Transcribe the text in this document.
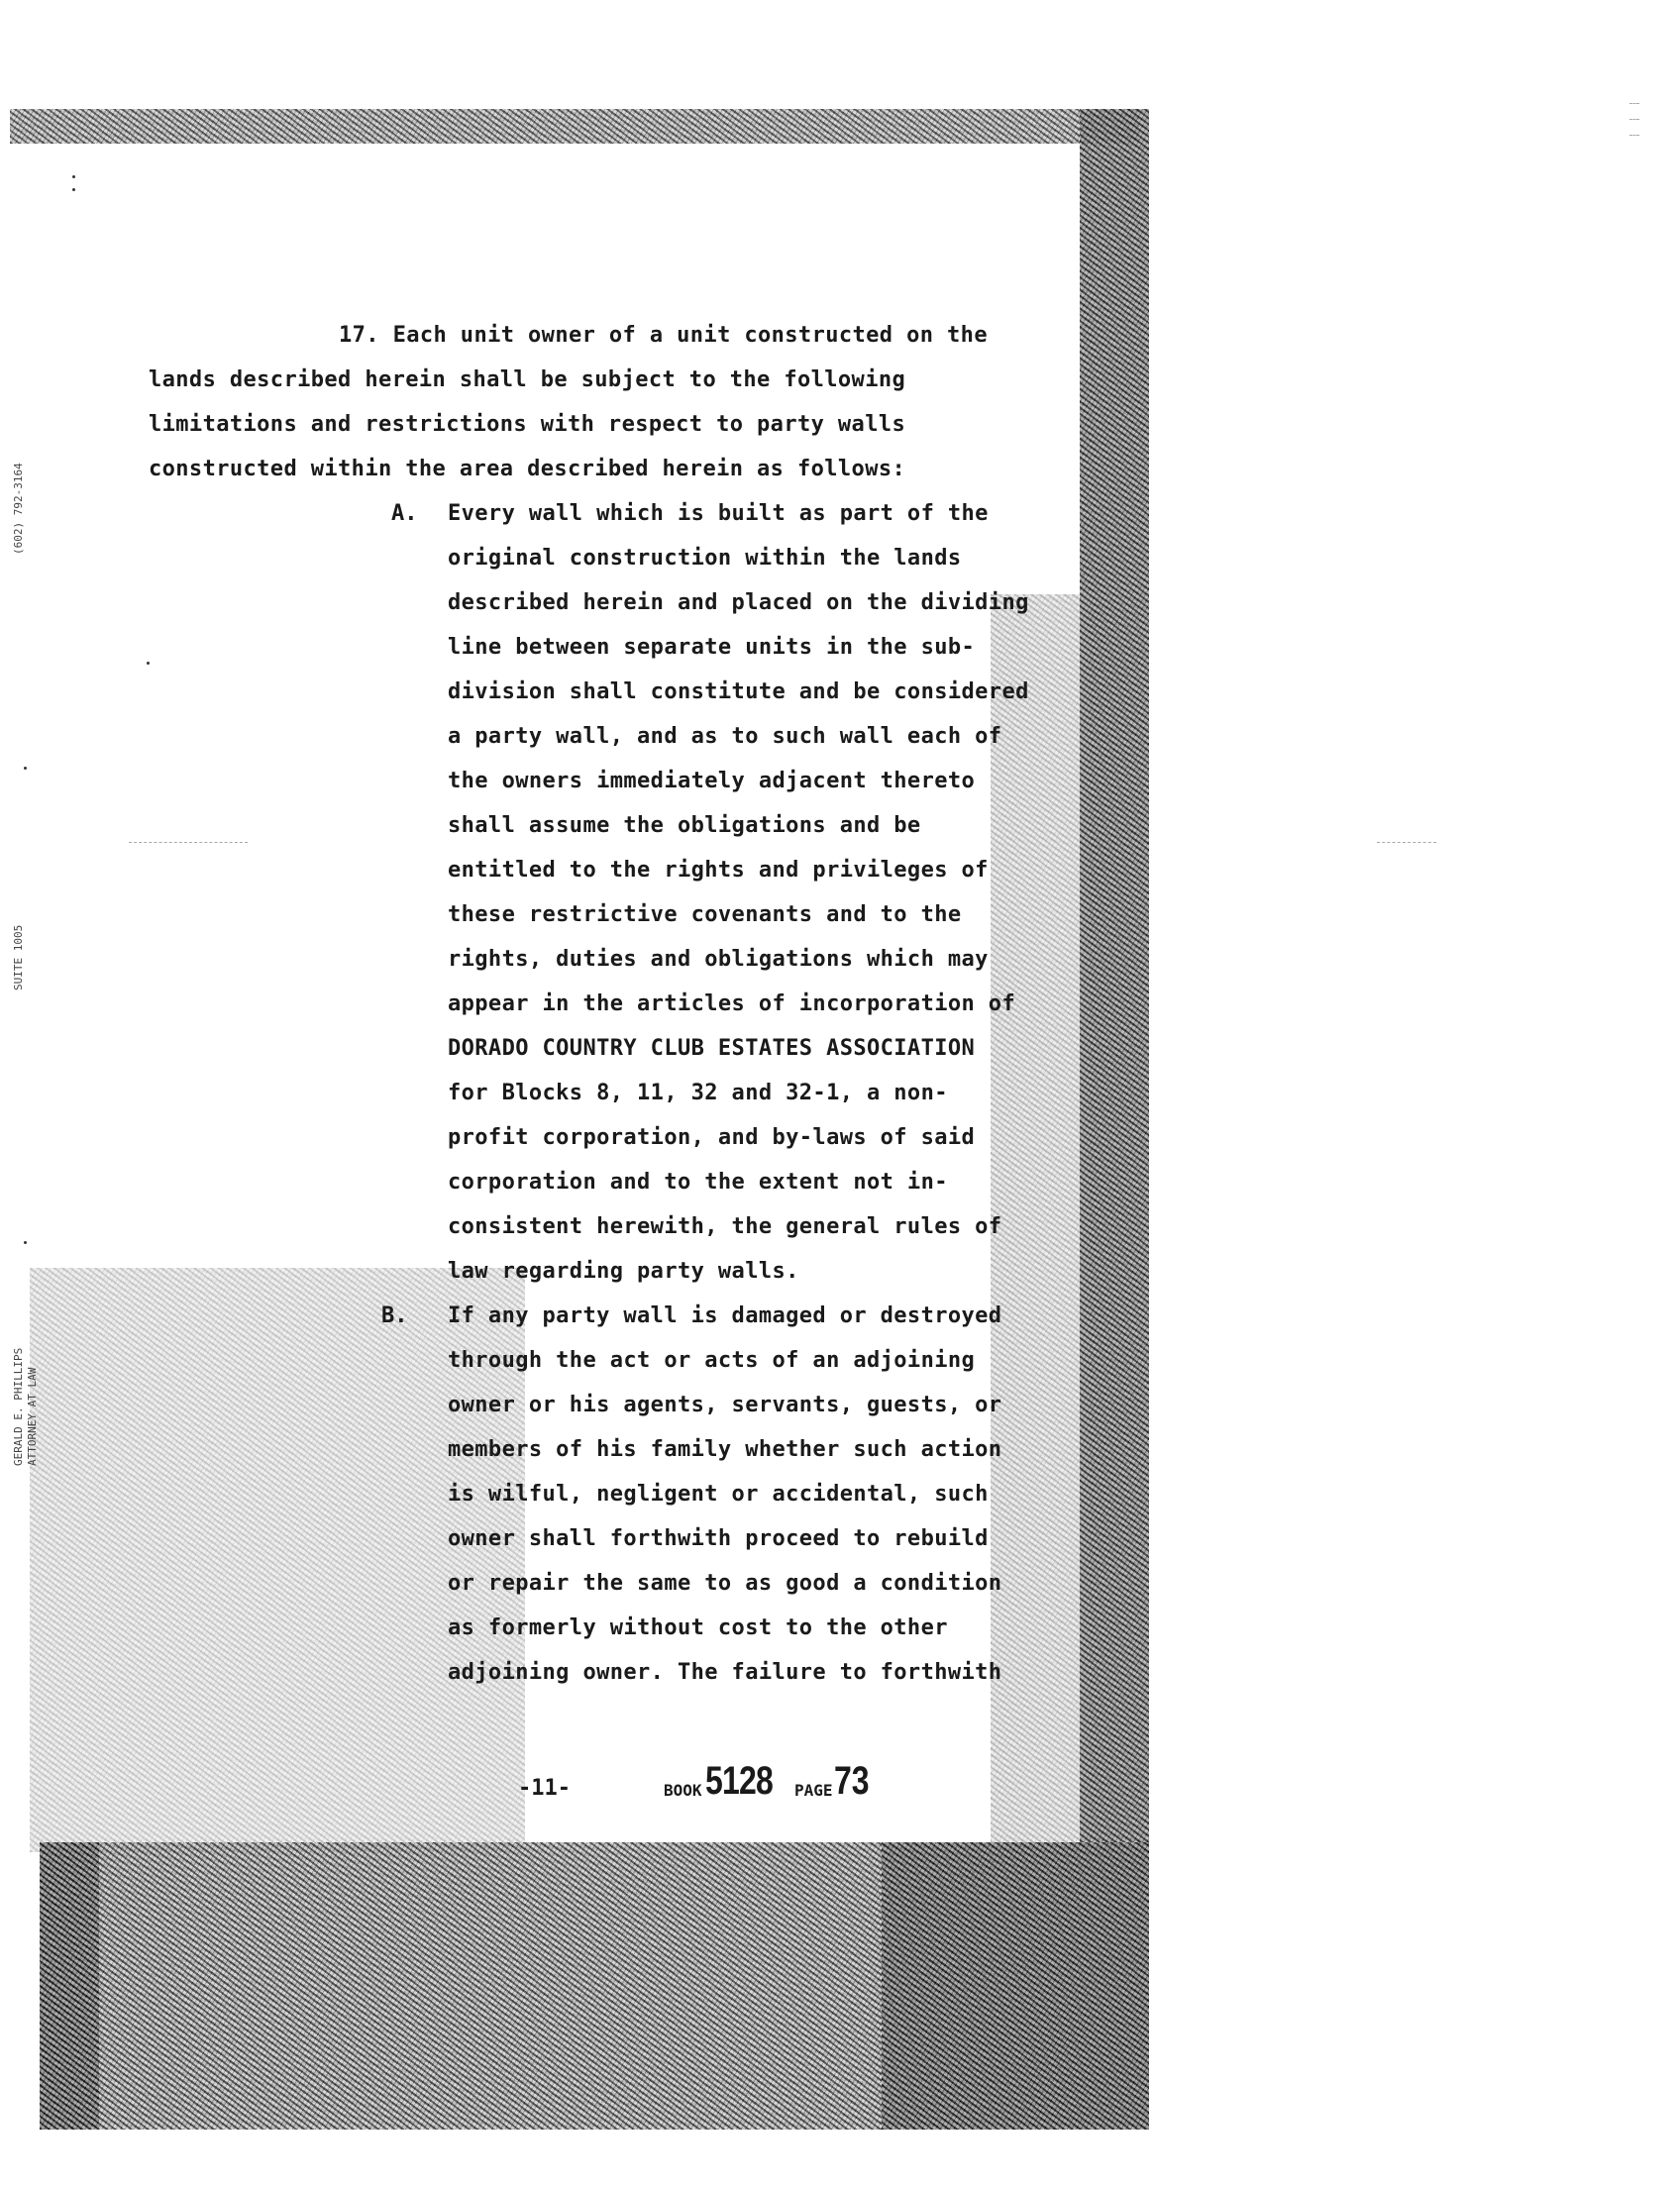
(602) 792-3164
SUITE 1005
GERALD E. PHILLIPS ATTORNEY AT LAW
17. Each unit owner of a unit constructed on the
lands described herein shall be subject to the following
limitations and restrictions with respect to party walls
constructed within the area described herein as follows:
A. Every wall which is built as part of the
original construction within the lands
described herein and placed on the dividing
line between separate units in the sub-
division shall constitute and be considered
a party wall, and as to such wall each of
the owners immediately adjacent thereto
shall assume the obligations and be
entitled to the rights and privileges of
these restrictive covenants and to the
rights, duties and obligations which may
appear in the articles of incorporation of
DORADO COUNTRY CLUB ESTATES ASSOCIATION
for Blocks 8, 11, 32 and 32-1, a non-
profit corporation, and by-laws of said
corporation and to the extent not in-
consistent herewith, the general rules of
law regarding party walls.
B. If any party wall is damaged or destroyed
through the act or acts of an adjoining
owner or his agents, servants, guests, or
members of his family whether such action
is wilful, negligent or accidental, such
owner shall forthwith proceed to rebuild
or repair the same to as good a condition
as formerly without cost to the other
adjoining owner. The failure to forthwith
-11-	BOOK 5128 PAGE 73
